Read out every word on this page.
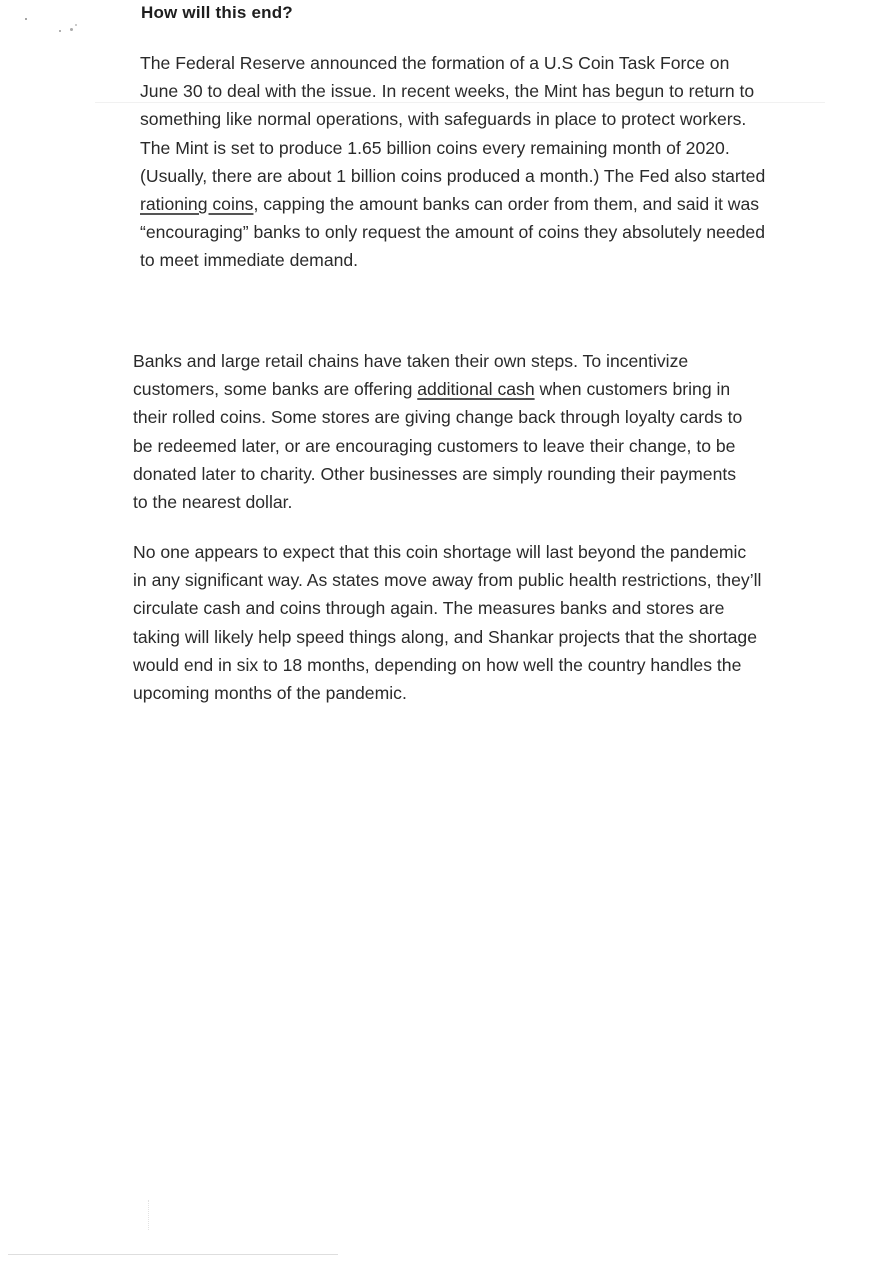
How will this end?

The Federal Reserve announced the formation of a U.S Coin Task Force on June 30 to deal with the issue. In recent weeks, the Mint has begun to return to something like normal operations, with safeguards in place to protect workers. The Mint is set to produce 1.65 billion coins every remaining month of 2020. (Usually, there are about 1 billion coins produced a month.) The Fed also started rationing coins, capping the amount banks can order from them, and said it was “encouraging” banks to only request the amount of coins they absolutely needed to meet immediate demand.

Banks and large retail chains have taken their own steps. To incentivize customers, some banks are offering additional cash when customers bring in their rolled coins. Some stores are giving change back through loyalty cards to be redeemed later, or are encouraging customers to leave their change, to be donated later to charity. Other businesses are simply rounding their payments to the nearest dollar.

No one appears to expect that this coin shortage will last beyond the pandemic in any significant way. As states move away from public health restrictions, they’ll circulate cash and coins through again. The measures banks and stores are taking will likely help speed things along, and Shankar projects that the shortage would end in six to 18 months, depending on how well the country handles the upcoming months of the pandemic.
